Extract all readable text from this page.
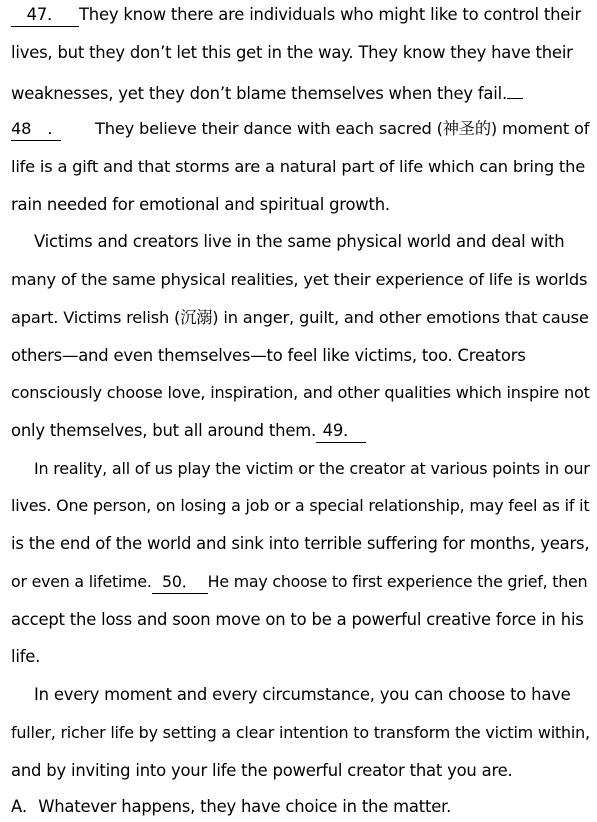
47． They know there are individuals who might like to control their
lives, but they don’t let this get in the way. They know they have their
weaknesses, yet they don’t blame themselves when they fail.
48　． They believe their dance with each sacred (神圣的) moment of
life is a gift and that storms are a natural part of life which can bring the
rain needed for emotional and spiritual growth.
Victims and creators live in the same physical world and deal with
many of the same physical realities, yet their experience of life is worlds
apart. Victims relish (沉溺) in anger, guilt, and other emotions that cause
others—and even themselves—to feel like victims, too. Creators
consciously choose love, inspiration, and other qualities which inspire not
only themselves, but all around them. 49．
In reality, all of us play the victim or the creator at various points in our
lives. One person, on losing a job or a special relationship, may feel as if it
is the end of the world and sink into terrible suffering for months, years,
or even a lifetime. 50． He may choose to first experience the grief, then
accept the loss and soon move on to be a powerful creative force in his
life.
In every moment and every circumstance, you can choose to have
fuller, richer life by setting a clear intention to transform the victim within,
and by inviting into your life the powerful creator that you are.
A．Whatever happens, they have choice in the matter.
